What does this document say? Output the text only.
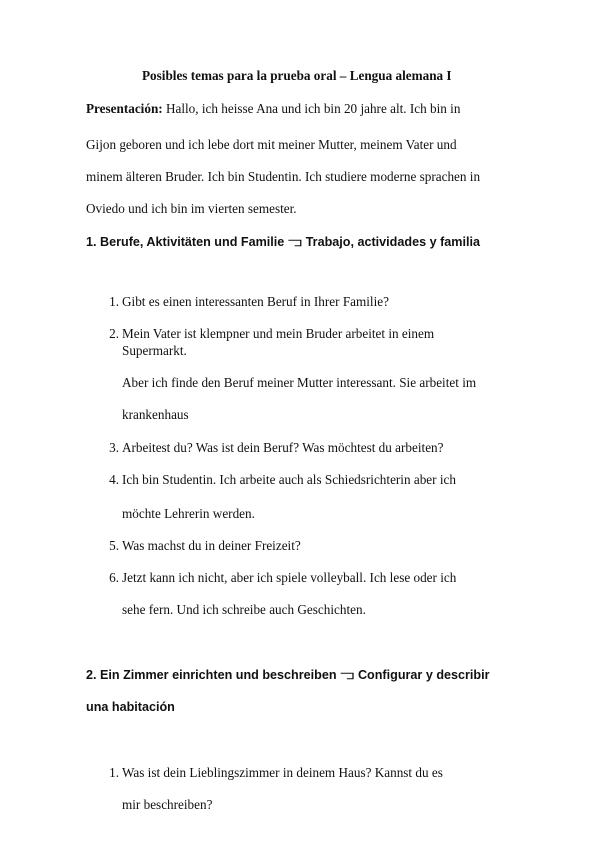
Posibles temas para la prueba oral – Lengua alemana I
Presentación: Hallo, ich heisse Ana und ich bin 20 jahre alt. Ich bin in
Gijon geboren und ich lebe dort mit meiner Mutter, meinem Vater und
minem älteren Bruder. Ich bin Studentin. Ich studiere moderne sprachen in
Oviedo und ich bin im vierten semester.
1. Berufe, Aktivitäten und Familie ⫎ Trabajo, actividades y familia
1. Gibt es einen interessanten Beruf in Ihrer Familie?
2. Mein Vater ist klempner und mein Bruder arbeitet in einem
Supermarkt.
Aber ich finde den Beruf meiner Mutter interessant. Sie arbeitet im
krankenhaus
3. Arbeitest du? Was ist dein Beruf? Was möchtest du arbeiten?
4. Ich bin Studentin. Ich arbeite auch als Schiedsrichterin aber ich
möchte Lehrerin werden.
5. Was machst du in deiner Freizeit?
6. Jetzt kann ich nicht, aber ich spiele volleyball. Ich lese oder ich
sehe fern. Und ich schreibe auch Geschichten.
2. Ein Zimmer einrichten und beschreiben ⫎ Configurar y describir
una habitación
1. Was ist dein Lieblingszimmer in deinem Haus? Kannst du es
mir beschreiben?
